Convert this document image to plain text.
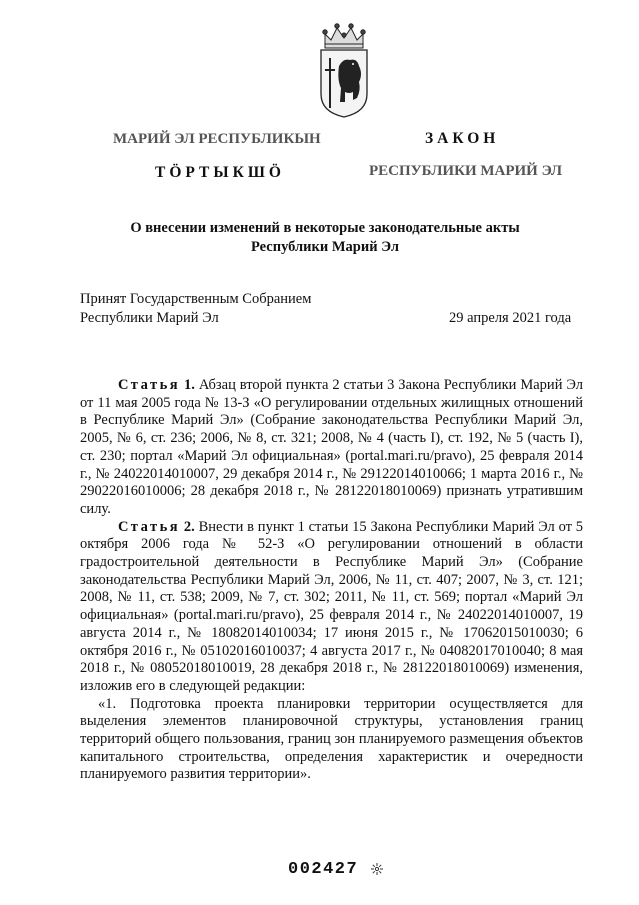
МАРИЙ ЭЛ РЕСПУБЛИКЫН	ЗАКОН
ТӦРТЫКШӦ	РЕСПУБЛИКИ МАРИЙ ЭЛ
О внесении изменений в некоторые законодательные акты
Республики Марий Эл
Принят Государственным Собранием
Республики Марий Эл	29 апреля 2021 года

Статья 1. Абзац второй пункта 2 статьи 3 Закона Республики Марий Эл от 11 мая 2005 года № 13-З «О регулировании отдельных жилищных отношений в Республике Марий Эл» (Собрание законодательства Республики Марий Эл, 2005, № 6, ст. 236; 2006, № 8, ст. 321; 2008, № 4 (часть I), ст. 192, № 5 (часть I), ст. 230; портал «Марий Эл официальная» (portal.mari.ru/pravo), 25 февраля 2014 г., № 24022014010007, 29 декабря 2014 г., № 29122014010066; 1 марта 2016 г., № 29022016010006; 28 декабря 2018 г., № 28122018010069) признать утратившим силу.

Статья 2. Внести в пункт 1 статьи 15 Закона Республики Марий Эл от 5 октября 2006 года № 52-З «О регулировании отношений в области градостроительной деятельности в Республике Марий Эл» (Собрание законодательства Республики Марий Эл, 2006, № 11, ст. 407; 2007, № 3, ст. 121; 2008, № 11, ст. 538; 2009, № 7, ст. 302; 2011, № 11, ст. 569; портал «Марий Эл официальная» (portal.mari.ru/pravo), 25 февраля 2014 г., № 24022014010007, 19 августа 2014 г., № 18082014010034; 17 июня 2015 г., № 17062015010030; 6 октября 2016 г., № 05102016010037; 4 августа 2017 г., № 04082017010040; 8 мая 2018 г., № 08052018010019, 28 декабря 2018 г., № 28122018010069) изменения, изложив его в следующей редакции:

«1. Подготовка проекта планировки территории осуществляется для выделения элементов планировочной структуры, установления границ территорий общего пользования, границ зон планируемого размещения объектов капитального строительства, определения характеристик и очередности планируемого развития территории».

002427
